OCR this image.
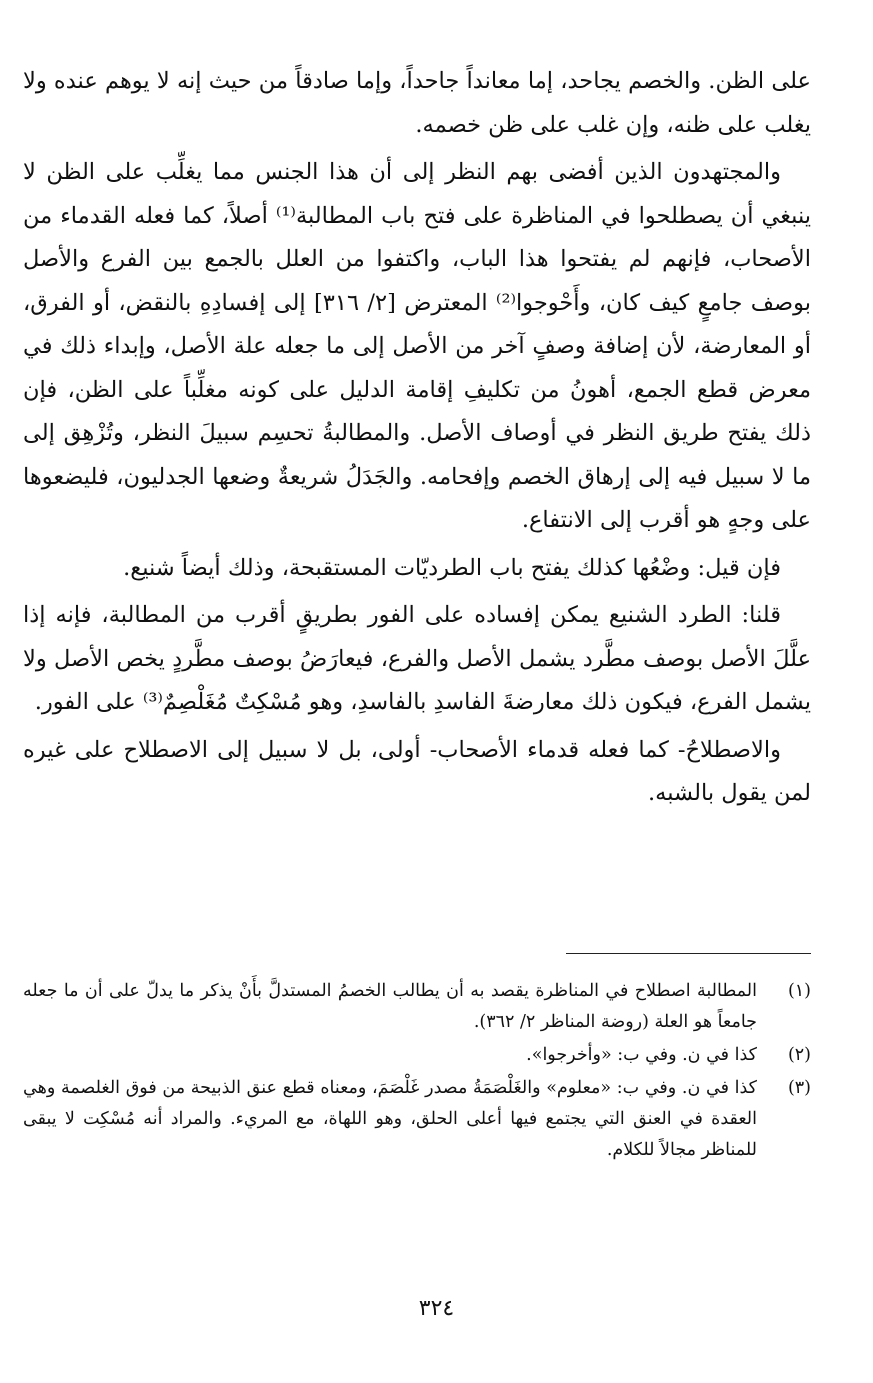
على الظن. والخصم يجاحد، إما معانداً جاحداً، وإما صادقاً من حيث إنه لا يوهم عنده ولا يغلب على ظنه، وإن غلب على ظن خصمه.

والمجتهدون الذين أفضى بهم النظر إلى أن هذا الجنس مما يغلِّب على الظن لا ينبغي أن يصطلحوا في المناظرة على فتح باب المطالبة⁽¹⁾ أصلاً، كما فعله القدماء من الأصحاب، فإنهم لم يفتحوا هذا الباب، واكتفوا من العلل بالجمع بين الفرع والأصل بوصف جامعٍ كيف كان، وأَحْوجوا⁽²⁾ المعترض [٢/ ٣١٦] إلى إفسادِهِ بالنقض، أو الفرق، أو المعارضة، لأن إضافة وصفٍ آخر من الأصل إلى ما جعله علة الأصل، وإبداء ذلك في معرض قطع الجمع، أهونُ من تكليفِ إقامة الدليل على كونه مغلِّباً على الظن، فإن ذلك يفتح طريق النظر في أوصاف الأصل. والمطالبةُ تحسِم سبيلَ النظر، وتُزْهِق إلى ما لا سبيل فيه إلى إرهاق الخصم وإفحامه. والجَدَلُ شريعةٌ وضعها الجدليون، فليضعوها على وجهٍ هو أقرب إلى الانتفاع.

فإن قيل: وضْعُها كذلك يفتح باب الطرديّات المستقبحة، وذلك أيضاً شنيع.

قلنا: الطرد الشنيع يمكن إفساده على الفور بطريقٍ أقرب من المطالبة، فإنه إذا علَّلَ الأصل بوصف مطَّرد يشمل الأصل والفرع، فيعارَضُ بوصف مطَّردٍ يخص الأصل ولا يشمل الفرع، فيكون ذلك معارضةَ الفاسدِ بالفاسدِ، وهو مُسْكِتٌ مُغَلْصِمٌ⁽³⁾ على الفور.

والاصطلاحُ- كما فعله قدماء الأصحاب- أولى، بل لا سبيل إلى الاصطلاح على غيره لمن يقول بالشبه.

(١)
المطالبة اصطلاح في المناظرة يقصد به أن يطالب الخصمُ المستدلَّ بأَنْ يذكر ما يدلّ على أن ما جعله جامعاً هو العلة (روضة المناظر ٢/ ٣٦٢).
(٢)
كذا في ن. وفي ب: «وأخرجوا».
(٣)
كذا في ن. وفي ب: «معلوم» والغَلْصَمَةُ مصدر غَلْصَمَ، ومعناه قطع عنق الذبيحة من فوق الغلصمة وهي العقدة في العنق التي يجتمع فيها أعلى الحلق، وهو اللهاة، مع المريء. والمراد أنه مُسْكِت لا يبقى للمناظر مجالاً للكلام.
٣٢٤
